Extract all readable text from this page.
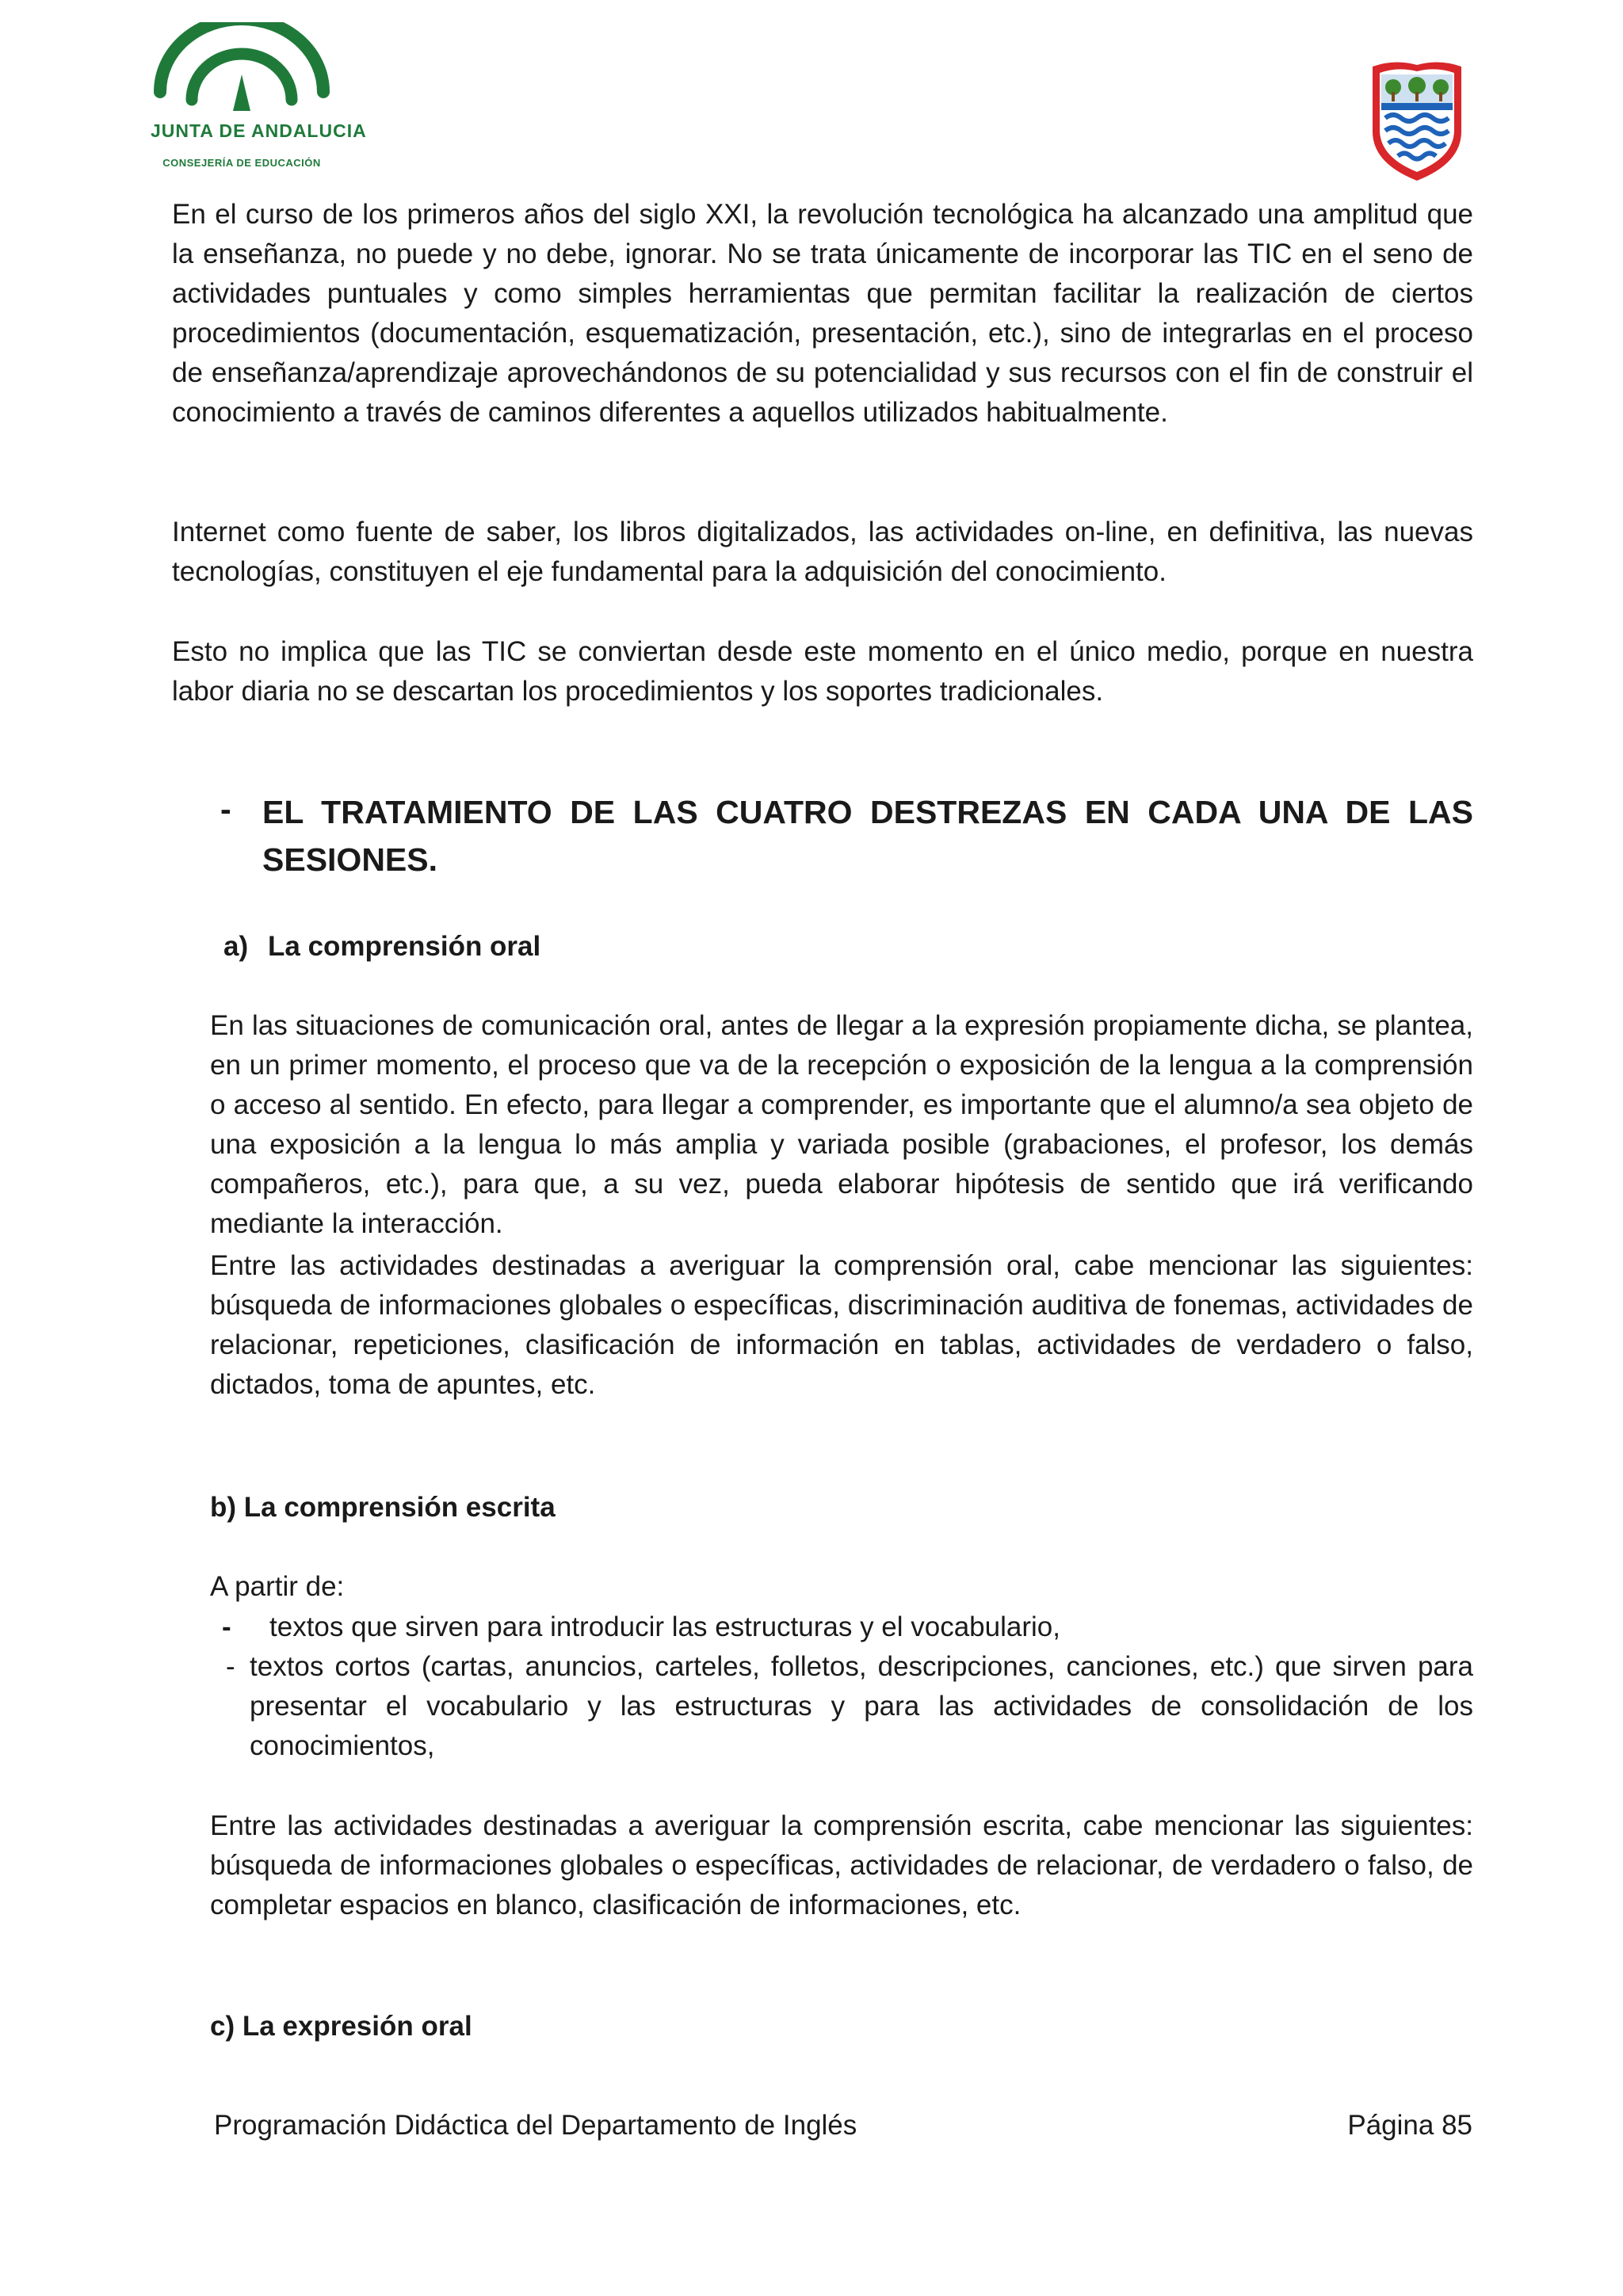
JUNTA DE ANDALUCIA
CONSEJERÍA DE EDUCACIÓN
En el curso de los primeros años del siglo XXI, la revolución tecnológica ha alcanzado una amplitud que la enseñanza, no puede y no debe, ignorar. No se trata únicamente de incorporar las TIC en el seno de actividades puntuales y como simples herramientas que permitan facilitar la realización de ciertos procedimientos (documentación, esquematización, presentación, etc.), sino de integrarlas en el proceso de enseñanza/aprendizaje aprovechándonos de su potencialidad y sus recursos con el fin de construir el conocimiento a través de caminos diferentes a aquellos utilizados habitualmente.
Internet como fuente de saber, los libros digitalizados, las actividades on-line, en definitiva, las nuevas tecnologías, constituyen el eje fundamental para la adquisición del conocimiento.
Esto no implica que las TIC se conviertan desde este momento en el único medio, porque en nuestra labor diaria no se descartan los procedimientos y los soportes tradicionales.
- EL TRATAMIENTO DE LAS CUATRO DESTREZAS EN CADA UNA DE LAS SESIONES.
a) La comprensión oral
En las situaciones de comunicación oral, antes de llegar a la expresión propiamente dicha, se plantea, en un primer momento, el proceso que va de la recepción o exposición de la lengua a la comprensión o acceso al sentido. En efecto, para llegar a comprender, es importante que el alumno/a sea objeto de una exposición a la lengua lo más amplia y variada posible (grabaciones, el profesor, los demás compañeros, etc.), para que, a su vez, pueda elaborar hipótesis de sentido que irá verificando mediante la interacción.
Entre las actividades destinadas a averiguar la comprensión oral, cabe mencionar las siguientes: búsqueda de informaciones globales o específicas, discriminación auditiva de fonemas, actividades de relacionar, repeticiones, clasificación de información en tablas, actividades de verdadero o falso, dictados, toma de apuntes, etc.
b) La comprensión escrita
A partir de:
- textos que sirven para introducir las estructuras y el vocabulario,
- textos cortos (cartas, anuncios, carteles, folletos, descripciones, canciones, etc.) que sirven para presentar el vocabulario y las estructuras y para las actividades de consolidación de los conocimientos,
Entre las actividades destinadas a averiguar la comprensión escrita, cabe mencionar las siguientes: búsqueda de informaciones globales o específicas, actividades de relacionar, de verdadero o falso, de completar espacios en blanco, clasificación de informaciones, etc.
c) La expresión oral
Programación Didáctica del Departamento de Inglés	Página 85
